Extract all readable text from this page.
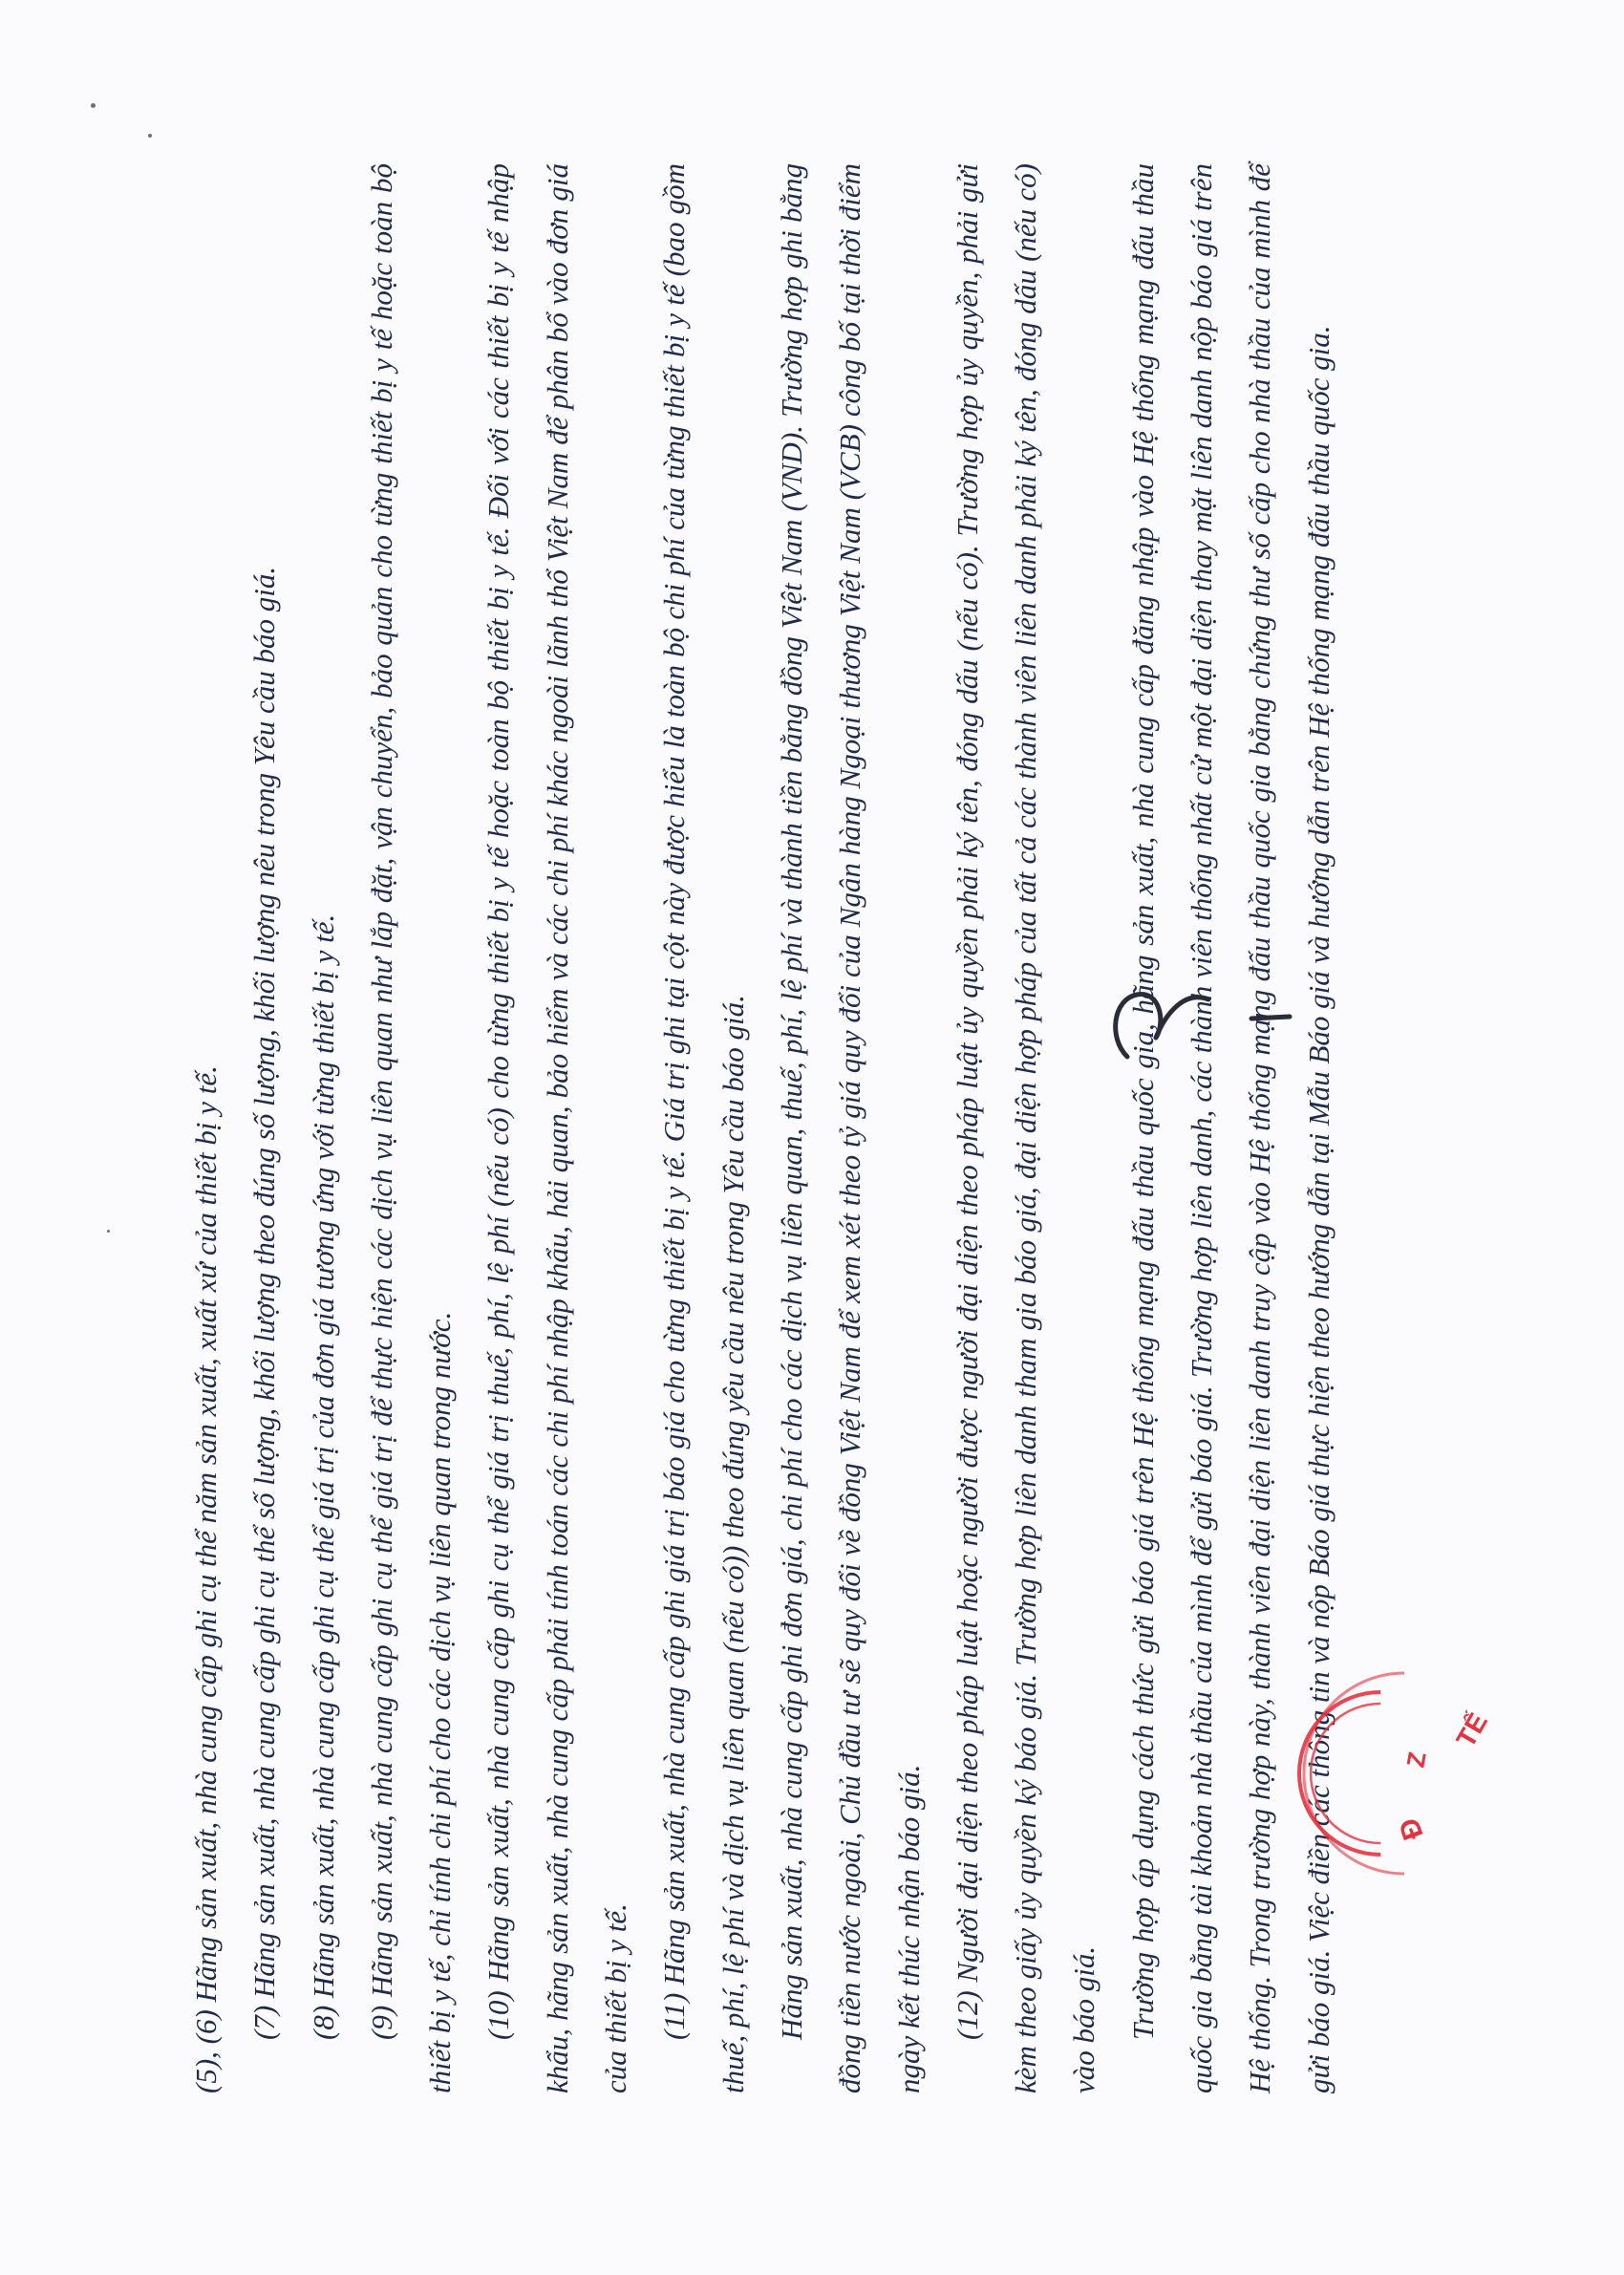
(5), (6) Hãng sản xuất, nhà cung cấp ghi cụ thể năm sản xuất, xuất xứ của thiết bị y tế. (7) Hãng sản xuất, nhà cung cấp ghi cụ thể số lượng, khối lượng theo đúng số lượng, khối lượng nêu trong Yêu cầu báo giá. (8) Hãng sản xuất, nhà cung cấp ghi cụ thể giá trị của đơn giá tương ứng với từng thiết bị y tế. (9) Hãng sản xuất, nhà cung cấp ghi cụ thể giá trị để thực hiện các dịch vụ liên quan như lắp đặt, vận chuyển, bảo quản cho từng thiết bị y tế hoặc toàn bộ thiết bị y tế, chỉ tính chi phí cho các dịch vụ liên quan trong nước. (10) Hãng sản xuất, nhà cung cấp ghi cụ thể giá trị thuế, phí, lệ phí (nếu có) cho từng thiết bị y tế hoặc toàn bộ thiết bị y tế. Đối với các thiết bị y tế nhập khẩu, hãng sản xuất, nhà cung cấp phải tính toán các chi phí nhập khẩu, hải quan, bảo hiểm và các chi phí khác ngoài lãnh thổ Việt Nam để phân bổ vào đơn giá của thiết bị y tế. (11) Hãng sản xuất, nhà cung cấp ghi giá trị báo giá cho từng thiết bị y tế. Giá trị ghi tại cột này được hiểu là toàn bộ chi phí của từng thiết bị y tế (bao gồm thuế, phí, lệ phí và dịch vụ liên quan (nếu có)) theo đúng yêu cầu nêu trong Yêu cầu báo giá. Hãng sản xuất, nhà cung cấp ghi đơn giá, chi phí cho các dịch vụ liên quan, thuế, phí, lệ phí và thành tiền bằng đồng Việt Nam (VND). Trường hợp ghi bằng đồng tiền nước ngoài, Chủ đầu tư sẽ quy đổi về đồng Việt Nam để xem xét theo tỷ giá quy đổi của Ngân hàng Ngoại thương Việt Nam (VCB) công bố tại thời điểm ngày kết thúc nhận báo giá. (12) Người đại diện theo pháp luật hoặc người được người đại diện theo pháp luật ủy quyền phải ký tên, đóng dấu (nếu có). Trường hợp ủy quyền, phải gửi kèm theo giấy ủy quyền ký báo giá. Trường hợp liên danh tham gia báo giá, đại diện hợp pháp của tất cả các thành viên liên danh phải ký tên, đóng dấu (nếu có) vào báo giá. Trường hợp áp dụng cách thức gửi báo giá trên Hệ thống mạng đấu thầu quốc gia, hãng sản xuất, nhà cung cấp đăng nhập vào Hệ thống mạng đấu thầu quốc gia bằng tài khoản nhà thầu của mình để gửi báo giá. Trường hợp liên danh, các thành viên thống nhất cử một đại diện thay mặt liên danh nộp báo giá trên Hệ thống. Trong trường hợp này, thành viên đại diện liên danh truy cập vào Hệ thống mạng đấu thầu quốc gia bằng chứng thư số cấp cho nhà thầu của mình để gửi báo giá. Việc điền các thông tin và nộp Báo giá thực hiện theo hướng dẫn tại Mẫu Báo giá và hướng dẫn trên Hệ thống mạng đấu thầu quốc gia.	Đ
Z
TẾ
